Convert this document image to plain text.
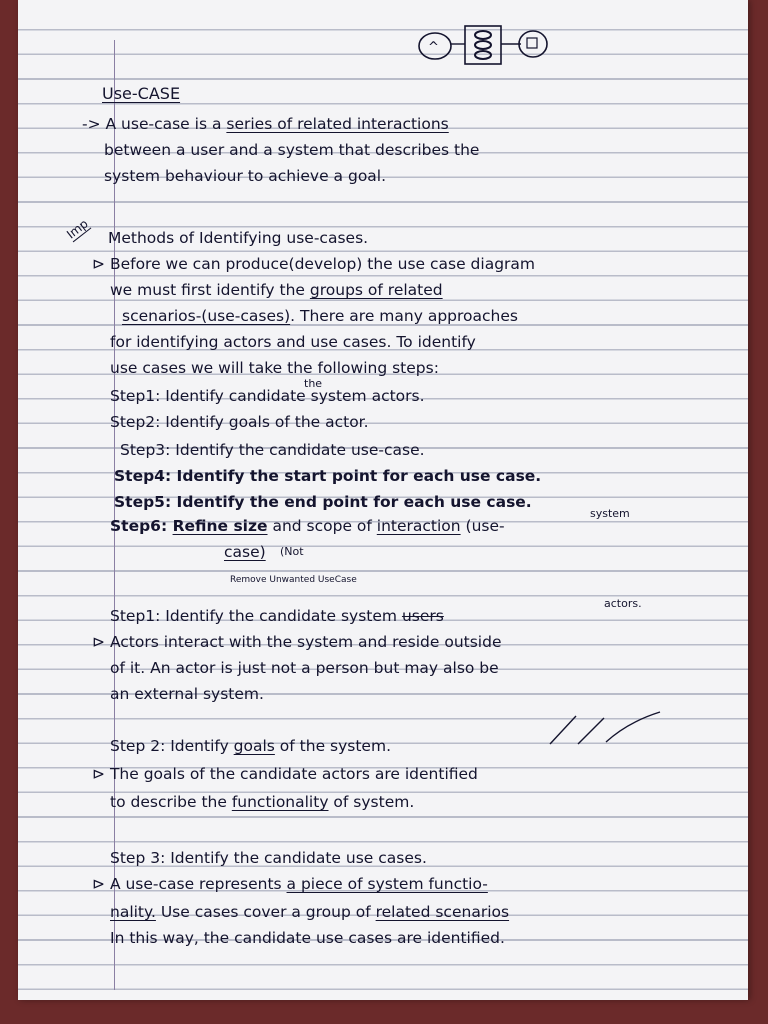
^
Use-CASE
-> A use-case is a series of related interactions
between a user and a system that describes the
system behaviour to achieve a goal.
Imp Methods of Identifying use-cases.
⊳ Before we can produce(develop) the use case diagram
we must first identify the groups of related
scenarios-(use-cases). There are many approaches
for identifying actors and use cases. To identify
use cases we will take the following steps:
the
Step1: Identify candidate system actors.
Step2: Identify goals of the actor.
Step3: Identify the candidate use-case.
Step4: Identify the start point for each use case.
Step5: Identify the end point for each use case.
system
Step6: Refine size and scope of interaction (use-
case) (Not
Remove Unwanted UseCase
actors.
Step1: Identify the candidate system users
⊳ Actors interact with the system and reside outside
of it. An actor is just not a person but may also be
an external system.
Step 2: Identify goals of the system.
⊳ The goals of the candidate actors are identified
to describe the functionality of system.
Step 3: Identify the candidate use cases.
⊳ A use-case represents a piece of system functio-
nality. Use cases cover a group of related scenarios
In this way, the candidate use cases are identified.
